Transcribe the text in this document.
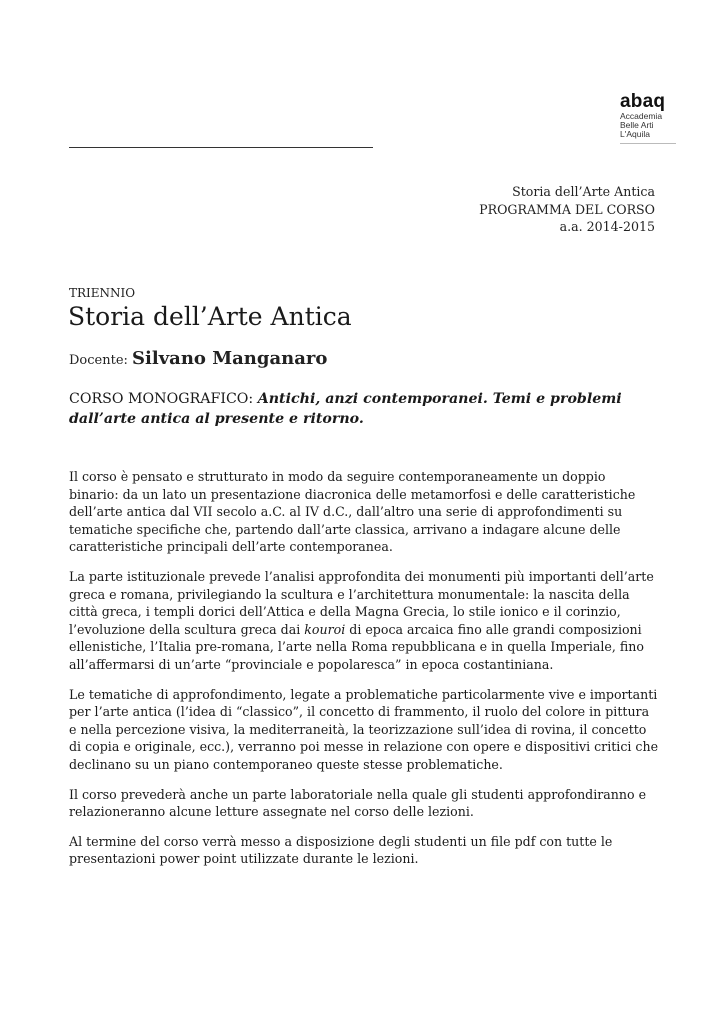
abaq
Accademia
Belle Arti
L'Aquila
Storia dell’Arte Antica
PROGRAMMA DEL CORSO
a.a. 2014-2015
TRIENNIO
Storia dell’Arte Antica
Docente: Silvano Manganaro
CORSO MONOGRAFICO: Antichi, anzi contemporanei. Temi e problemi dall’arte antica al presente e ritorno.

Il corso è pensato e strutturato in modo da seguire contemporaneamente un doppio binario: da un lato un presentazione diacronica delle metamorfosi e delle caratteristiche dell’arte antica dal VII secolo a.C. al IV d.C., dall’altro una serie di approfondimenti su tematiche specifiche che, partendo dall’arte classica, arrivano a indagare alcune delle caratteristiche principali dell’arte contemporanea.

La parte istituzionale prevede l’analisi approfondita dei monumenti più importanti dell’arte greca e romana, privilegiando la scultura e l’architettura monumentale: la nascita della città greca, i templi dorici dell’Attica e della Magna Grecia, lo stile ionico e il corinzio, l’evoluzione della scultura greca dai kouroi di epoca arcaica fino alle grandi composizioni ellenistiche, l’Italia pre-romana, l’arte nella Roma repubblicana e in quella Imperiale, fino all’affermarsi di un’arte “provinciale e popolaresca” in epoca costantiniana.

Le tematiche di approfondimento, legate a problematiche particolarmente vive e importanti per l’arte antica (l’idea di “classico”, il concetto di frammento, il ruolo del colore in pittura e nella percezione visiva, la mediterraneità, la teorizzazione sull’idea di rovina, il concetto di copia e originale, ecc.), verranno poi messe in relazione con opere e dispositivi critici che declinano su un piano contemporaneo queste stesse problematiche.

Il corso prevederà anche un parte laboratoriale nella quale gli studenti approfondiranno e relazioneranno alcune letture assegnate nel corso delle lezioni.

Al termine del corso verrà messo a disposizione degli studenti un file pdf con tutte le presentazioni power point utilizzate durante le lezioni.
